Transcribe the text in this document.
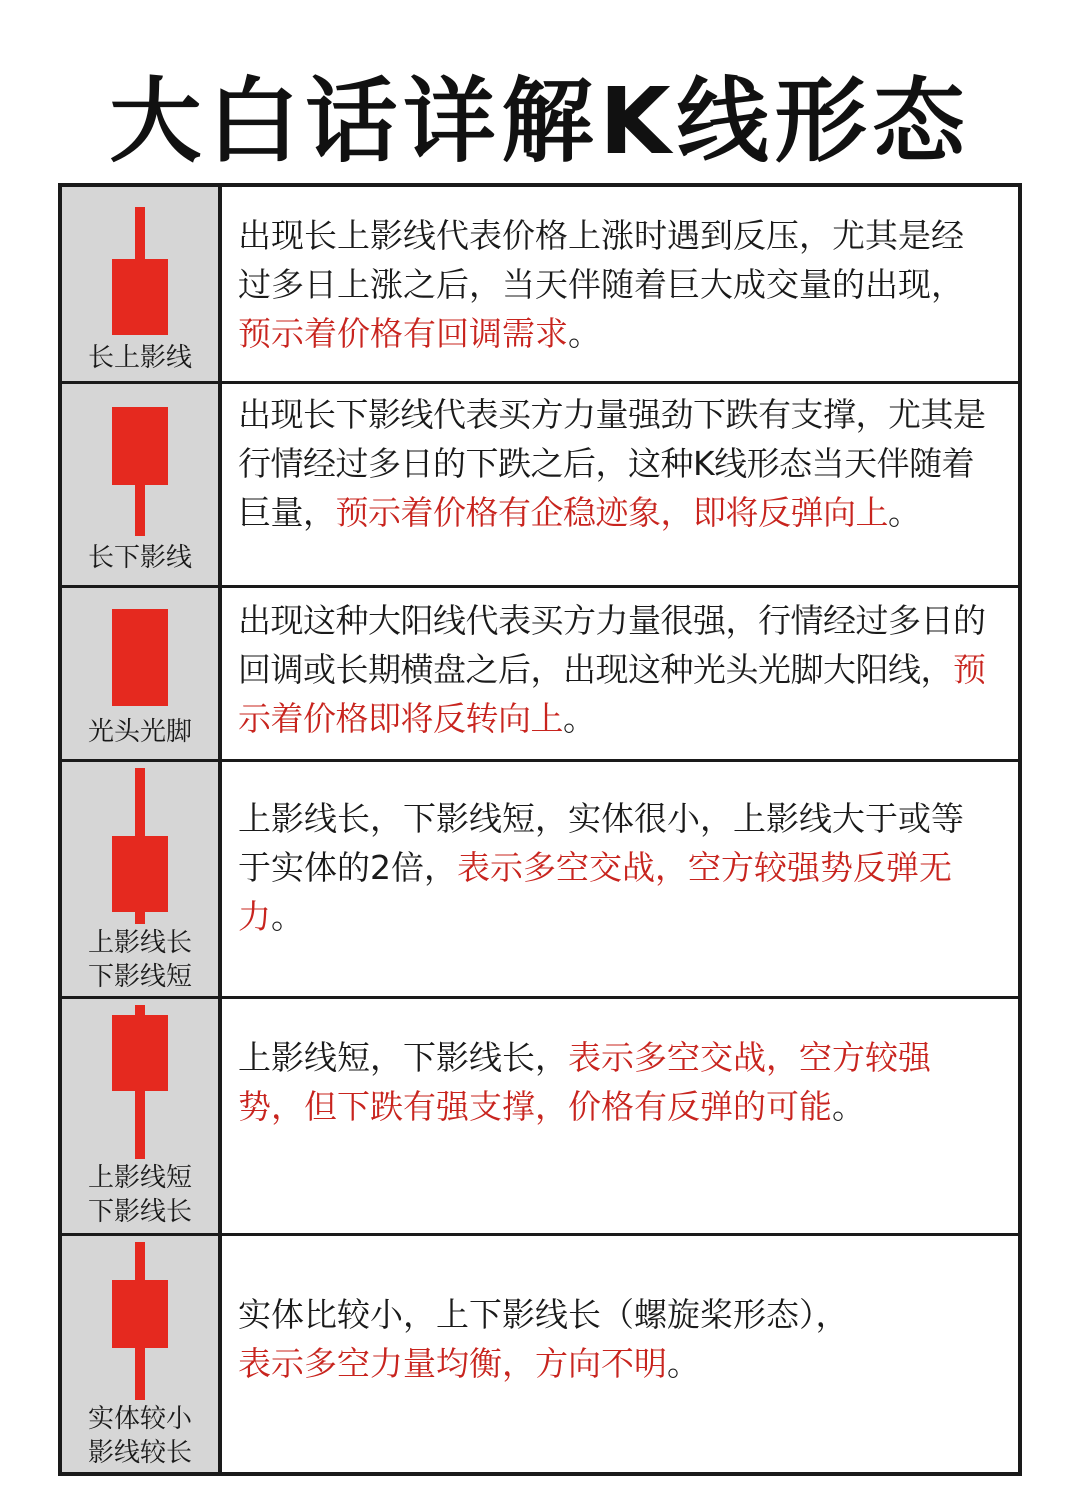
大白话详解K线形态
长上影线

出现长上影线代表价格上涨时遇到反压，尤其是经过多日上涨之后，当天伴随着巨大成交量的出现，预示着价格有回调需求。

长下影线

出现长下影线代表买方力量强劲下跌有支撑，尤其是行情经过多日的下跌之后，这种K线形态当天伴随着巨量，预示着价格有企稳迹象，即将反弹向上。

光头光脚

出现这种大阳线代表买方力量很强，行情经过多日的回调或长期横盘之后，出现这种光头光脚大阳线，预示着价格即将反转向上。

上影线长
下影线短

上影线长，下影线短，实体很小，上影线大于或等于实体的2倍，表示多空交战，空方较强势反弹无力。

上影线短
下影线长

上影线短，下影线长，表示多空交战，空方较强势，但下跌有强支撑，价格有反弹的可能。

实体较小
影线较长

实体比较小，上下影线长（螺旋桨形态），
表示多空力量均衡，方向不明。
